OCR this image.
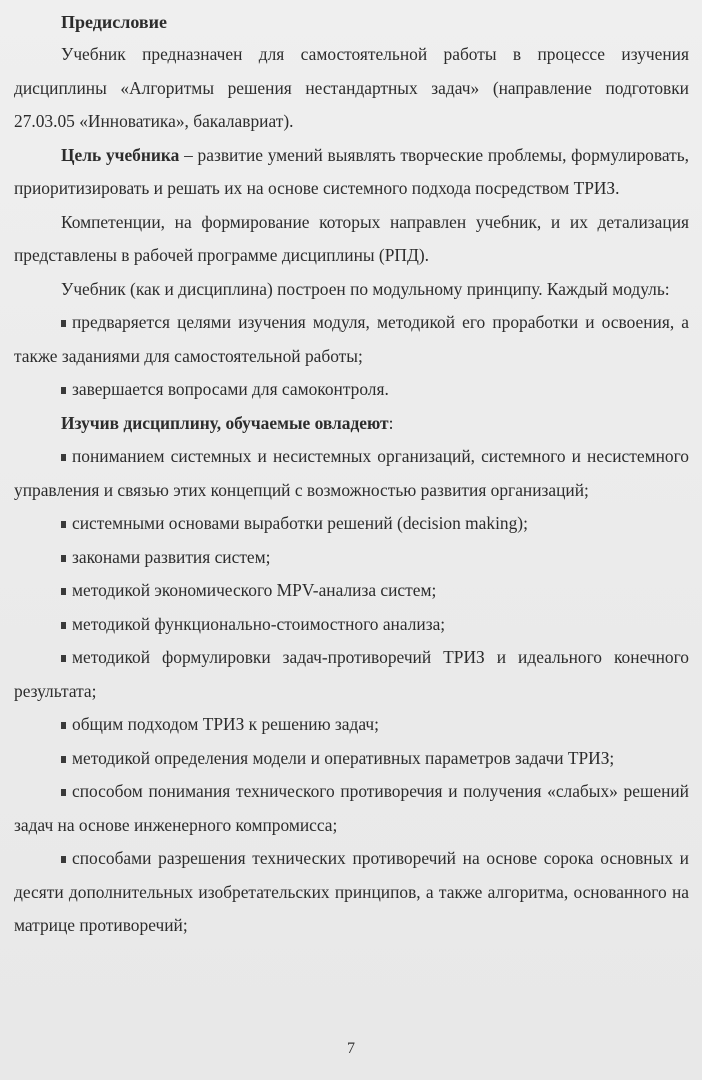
Предисловие

Учебник предназначен для самостоятельной работы в процессе изучения дисциплины «Алгоритмы решения нестандартных задач» (направление подготовки 27.03.05 «Инноватика», бакалавриат).

Цель учебника – развитие умений выявлять творческие проблемы, формулировать, приоритизировать и решать их на основе системного подхода посредством ТРИЗ.

Компетенции, на формирование которых направлен учебник, и их детализация представлены в рабочей программе дисциплины (РПД).

Учебник (как и дисциплина) построен по модульному принципу. Каждый модуль:

предваряется целями изучения модуля, методикой его проработки и освоения, а также заданиями для самостоятельной работы;

завершается вопросами для самоконтроля.

Изучив дисциплину, обучаемые овладеют:

пониманием системных и несистемных организаций, системного и несистемного управления и связью этих концепций с возможностью развития организаций;

системными основами выработки решений (decision making);

законами развития систем;

методикой экономического MPV-анализа систем;

методикой функционально-стоимостного анализа;

методикой формулировки задач-противоречий ТРИЗ и идеального конечного результата;

общим подходом ТРИЗ к решению задач;

методикой определения модели и оперативных параметров задачи ТРИЗ;

способом понимания технического противоречия и получения «слабых» решений задач на основе инженерного компромисса;

способами разрешения технических противоречий на основе сорока основных и десяти дополнительных изобретательских принципов, а также алгоритма, основанного на матрице противоречий;

7
